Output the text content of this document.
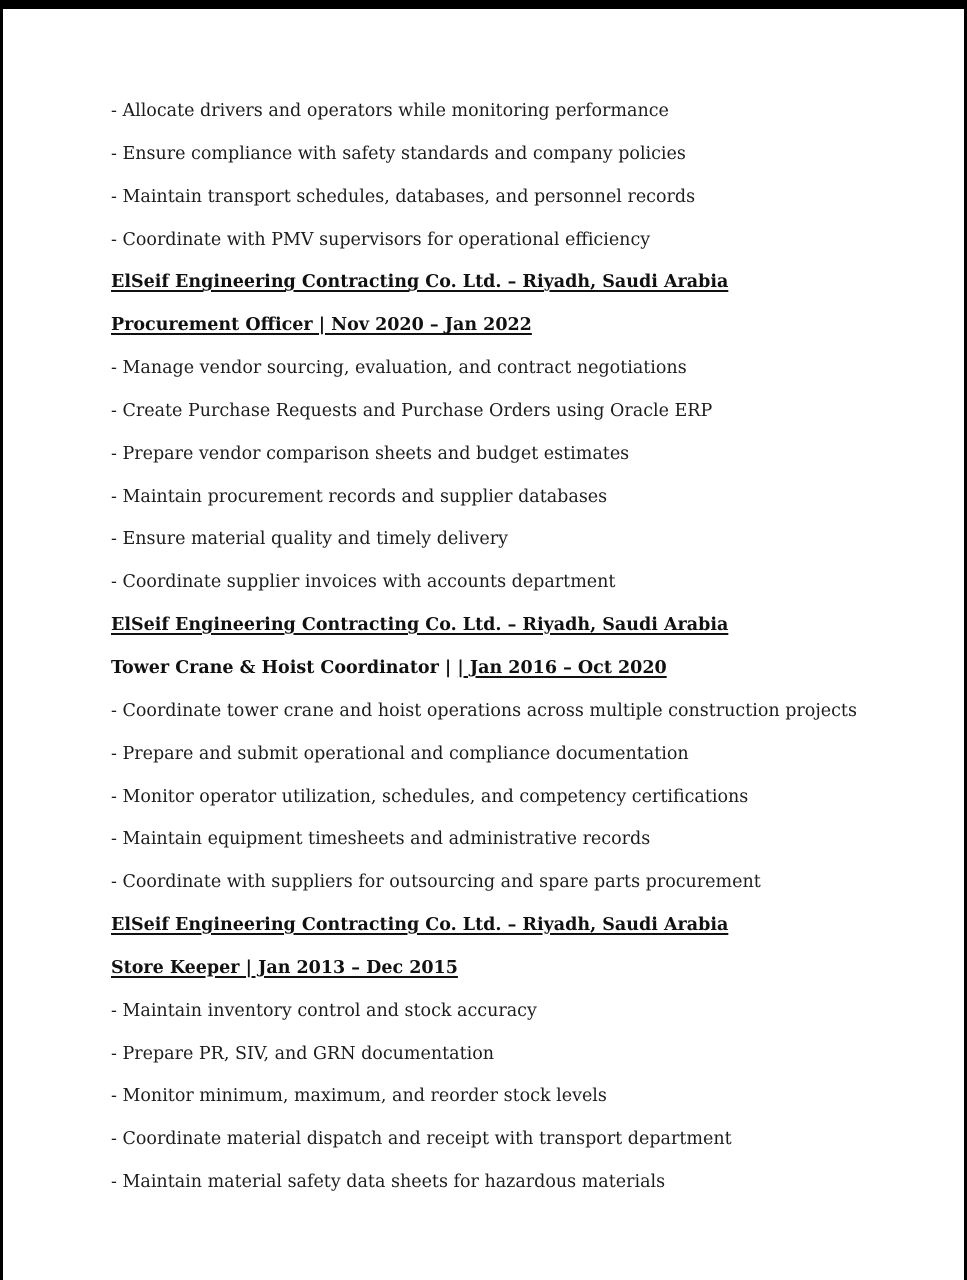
- Allocate drivers and operators while monitoring performance
- Ensure compliance with safety standards and company policies
- Maintain transport schedules, databases, and personnel records
- Coordinate with PMV supervisors for operational efficiency
ElSeif Engineering Contracting Co. Ltd. – Riyadh, Saudi Arabia
Procurement Officer | Nov 2020 – Jan 2022
- Manage vendor sourcing, evaluation, and contract negotiations
- Create Purchase Requests and Purchase Orders using Oracle ERP
- Prepare vendor comparison sheets and budget estimates
- Maintain procurement records and supplier databases
- Ensure material quality and timely delivery
- Coordinate supplier invoices with accounts department
ElSeif Engineering Contracting Co. Ltd. – Riyadh, Saudi Arabia
Tower Crane & Hoist Coordinator | | Jan 2016 – Oct 2020
- Coordinate tower crane and hoist operations across multiple construction projects
- Prepare and submit operational and compliance documentation
- Monitor operator utilization, schedules, and competency certifications
- Maintain equipment timesheets and administrative records
- Coordinate with suppliers for outsourcing and spare parts procurement
ElSeif Engineering Contracting Co. Ltd. – Riyadh, Saudi Arabia
Store Keeper | Jan 2013 – Dec 2015
- Maintain inventory control and stock accuracy
- Prepare PR, SIV, and GRN documentation
- Monitor minimum, maximum, and reorder stock levels
- Coordinate material dispatch and receipt with transport department
- Maintain material safety data sheets for hazardous materials
